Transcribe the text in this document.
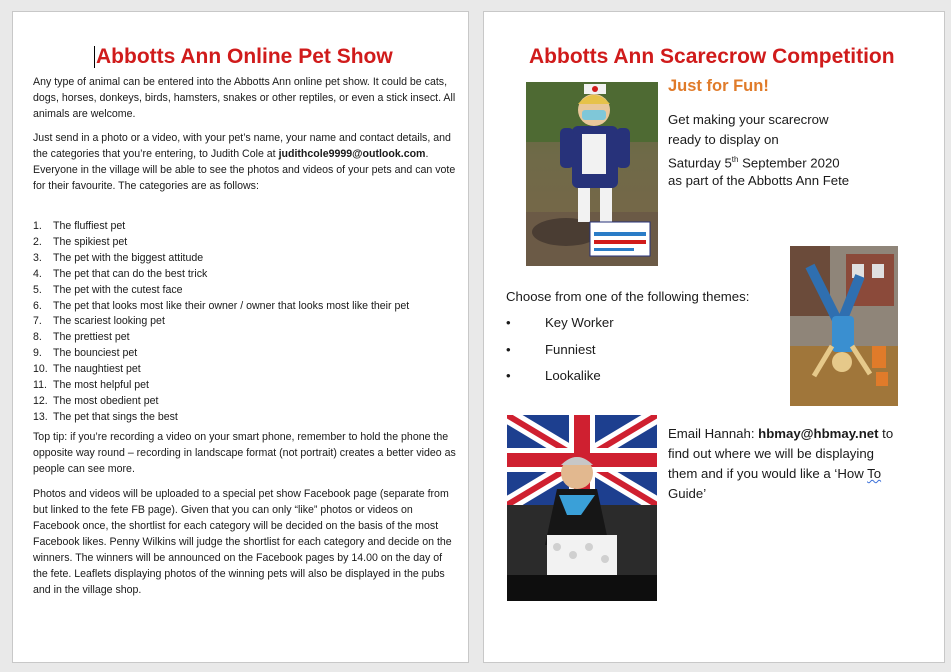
Abbotts Ann Online Pet Show
Any type of animal can be entered into the Abbotts Ann online pet show. It could be cats, dogs, horses, donkeys, birds, hamsters, snakes or other reptiles, or even a stick insect. All animals are welcome.
Just send in a photo or a video, with your pet’s name, your name and contact details, and the categories that you’re entering, to Judith Cole at judithcole9999@outlook.com. Everyone in the village will be able to see the photos and videos of your pets and can vote for their favourite. The categories are as follows:
1. The fluffiest pet
2. The spikiest pet
3. The pet with the biggest attitude
4. The pet that can do the best trick
5. The pet with the cutest face
6. The pet that looks most like their owner / owner that looks most like their pet
7. The scariest looking pet
8. The prettiest pet
9. The bounciest pet
10. The naughtiest pet
11. The most helpful pet
12. The most obedient pet
13. The pet that sings the best
Top tip: if you’re recording a video on your smart phone, remember to hold the phone the opposite way round – recording in landscape format (not portrait) creates a better video as people can see more.
Photos and videos will be uploaded to a special pet show Facebook page (separate from but linked to the fete FB page). Given that you can only “like” photos or videos on Facebook once, the shortlist for each category will be decided on the basis of the most Facebook likes. Penny Wilkins will judge the shortlist for each category and decide on the winners. The winners will be announced on the Facebook pages by 14.00 on the day of the fete. Leaflets displaying photos of the winning pets will also be displayed in the pubs and in the village shop.
Abbotts Ann Scarecrow Competition
Just for Fun!
Get making your scarecrow
ready to display on
Saturday 5th September 2020
as part of the Abbotts Ann Fete
Choose from one of the following themes:
•	Key Worker
•	Funniest
•	Lookalike
Email Hannah: hbmay@hbmay.net to
find out where we will be displaying
them and if you would like a ‘How To
Guide’
